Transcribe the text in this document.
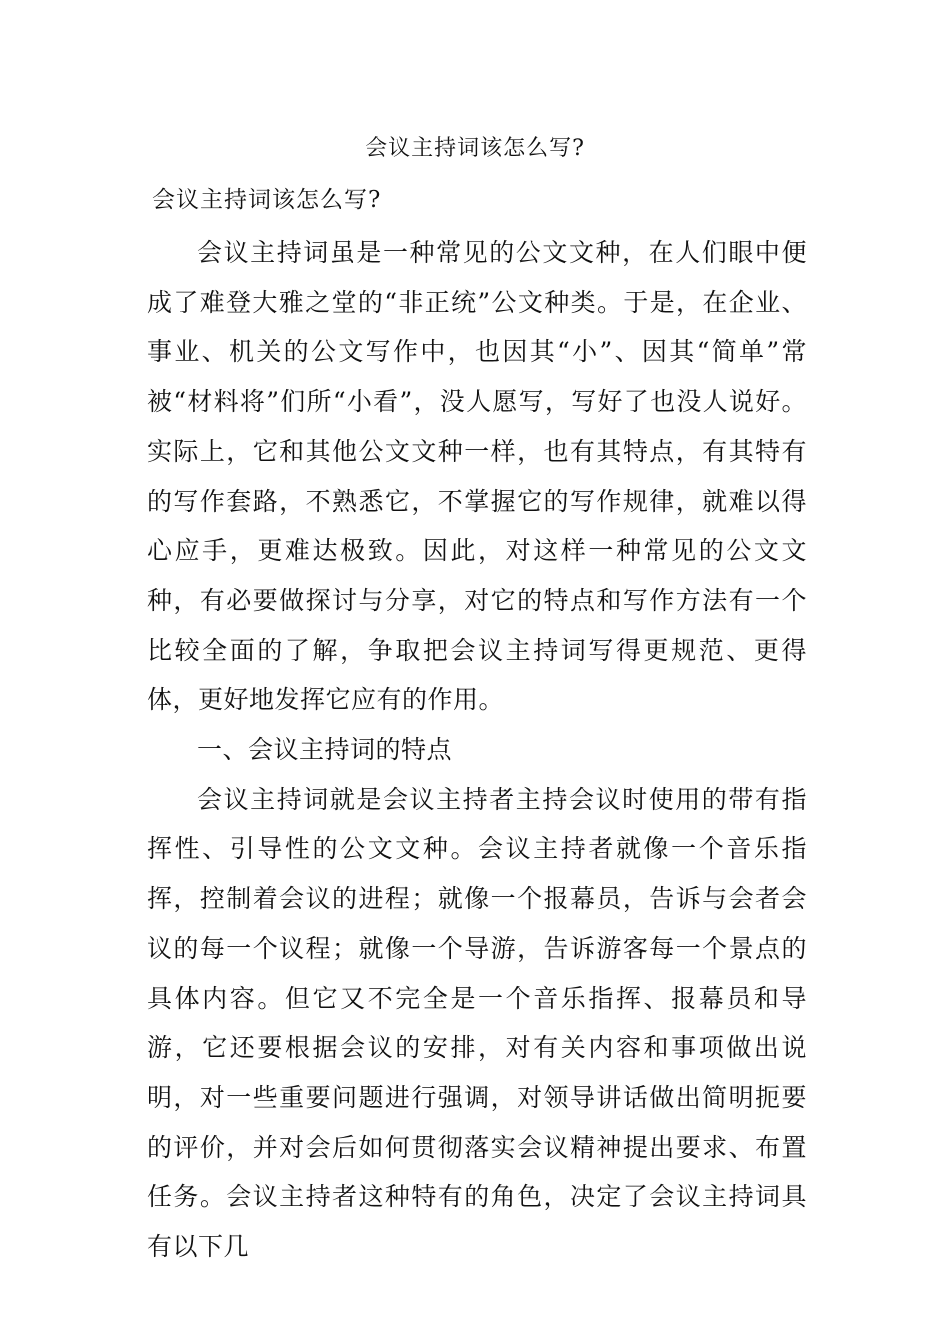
会议主持词该怎么写?
会议主持词该怎么写?

会议主持词虽是一种常见的公文文种，在人们眼中便成了难登大雅之堂的“非正统”公文种类。于是，在企业、事业、机关的公文写作中，也因其“小”、因其“简单”常被“材料将”们所“小看”，没人愿写，写好了也没人说好。实际上，它和其他公文文种一样，也有其特点，有其特有的写作套路，不熟悉它，不掌握它的写作规律，就难以得心应手，更难达极致。因此，对这样一种常见的公文文种，有必要做探讨与分享，对它的特点和写作方法有一个比较全面的了解，争取把会议主持词写得更规范、更得体，更好地发挥它应有的作用。

一、会议主持词的特点

会议主持词就是会议主持者主持会议时使用的带有指挥性、引导性的公文文种。会议主持者就像一个音乐指挥，控制着会议的进程；就像一个报幕员，告诉与会者会议的每一个议程；就像一个导游，告诉游客每一个景点的具体内容。但它又不完全是一个音乐指挥、报幕员和导游，它还要根据会议的安排，对有关内容和事项做出说明，对一些重要问题进行强调，对领导讲话做出简明扼要的评价，并对会后如何贯彻落实会议精神提出要求、布置任务。会议主持者这种特有的角色，决定了会议主持词具有以下几
